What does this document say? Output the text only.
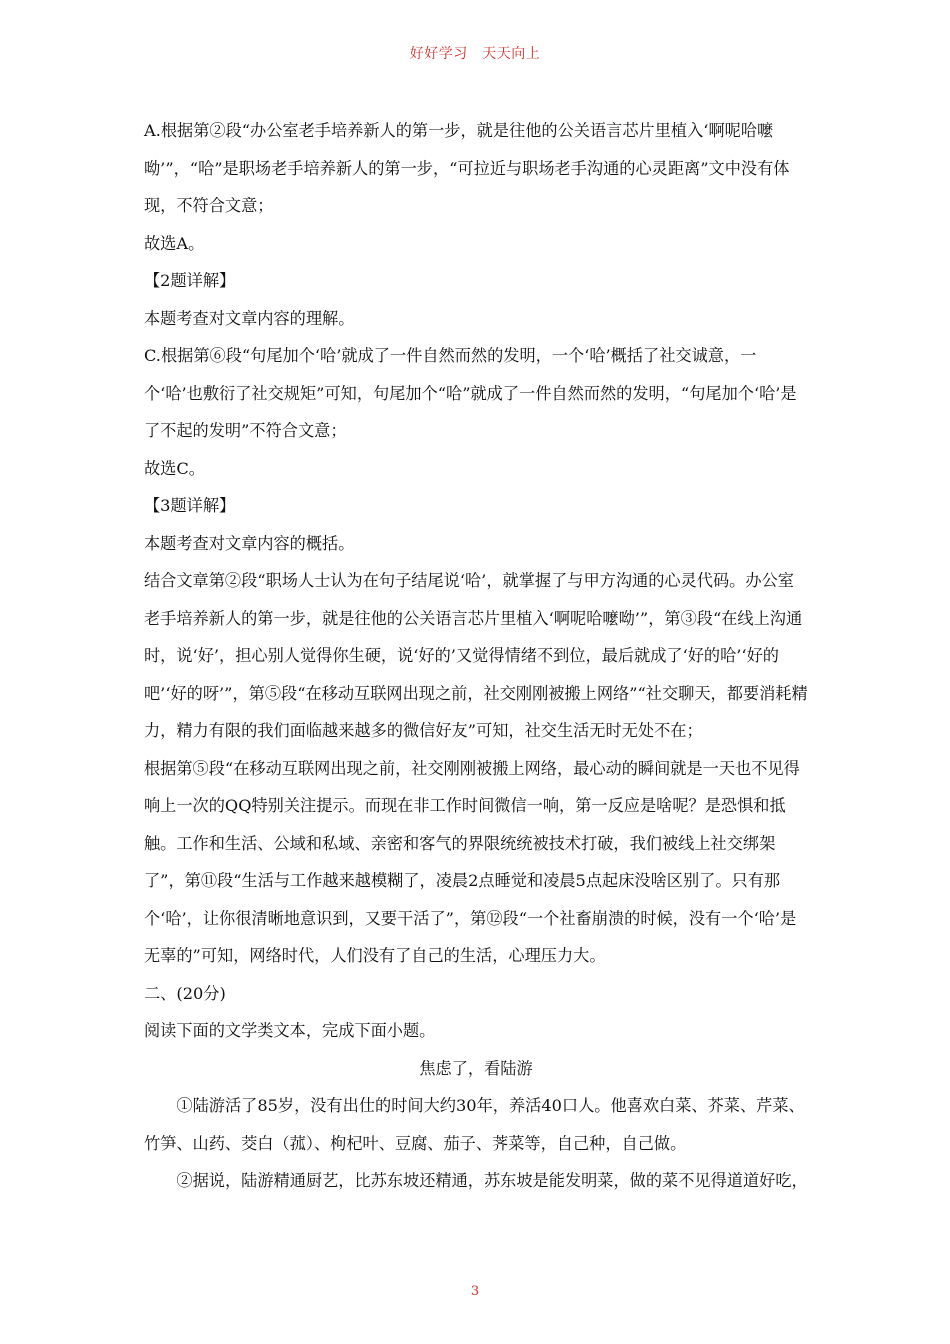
好好学习　天天向上

A.根据第②段“办公室老手培养新人的第一步，就是往他的公关语言芯片里植入‘啊呢哈嚒呦’”，“哈”是职场老手培养新人的第一步，“可拉近与职场老手沟通的心灵距离”文中没有体现，不符合文意；

故选A。

【2题详解】

本题考查对文章内容的理解。

C.根据第⑥段“句尾加个‘哈’就成了一件自然而然的发明，一个‘哈’概括了社交诚意，一个‘哈’也敷衍了社交规矩”可知，句尾加个“哈”就成了一件自然而然的发明，“句尾加个‘哈’是了不起的发明”不符合文意；

故选C。

【3题详解】

本题考查对文章内容的概括。

结合文章第②段“职场人士认为在句子结尾说‘哈’，就掌握了与甲方沟通的心灵代码。办公室老手培养新人的第一步，就是往他的公关语言芯片里植入‘啊呢哈嚒呦’”，第③段“在线上沟通时，说‘好’，担心别人觉得你生硬，说‘好的’又觉得情绪不到位，最后就成了‘好的哈’‘好的吧’‘好的呀’”，第⑤段“在移动互联网出现之前，社交刚刚被搬上网络”“社交聊天，都要消耗精力，精力有限的我们面临越来越多的微信好友”可知，社交生活无时无处不在；

根据第⑤段“在移动互联网出现之前，社交刚刚被搬上网络，最心动的瞬间就是一天也不见得响上一次的QQ特别关注提示。而现在非工作时间微信一响，第一反应是啥呢？是恐惧和抵触。工作和生活、公域和私域、亲密和客气的界限统统被技术打破，我们被线上社交绑架了”，第⑪段“生活与工作越来越模糊了，凌晨2点睡觉和凌晨5点起床没啥区别了。只有那个‘哈’，让你很清晰地意识到，又要干活了”，第⑫段“一个社畜崩溃的时候，没有一个‘哈’是无辜的”可知，网络时代，人们没有了自己的生活，心理压力大。

二、(20分)

阅读下面的文学类文本，完成下面小题。

焦虑了，看陆游

①陆游活了85岁，没有出仕的时间大约30年，养活40口人。他喜欢白菜、芥菜、芹菜、竹笋、山药、茭白（菰）、枸杞叶、豆腐、茄子、荠菜等，自己种，自己做。

②据说，陆游精通厨艺，比苏东坡还精通，苏东坡是能发明菜，做的菜不见得道道好吃，

3
